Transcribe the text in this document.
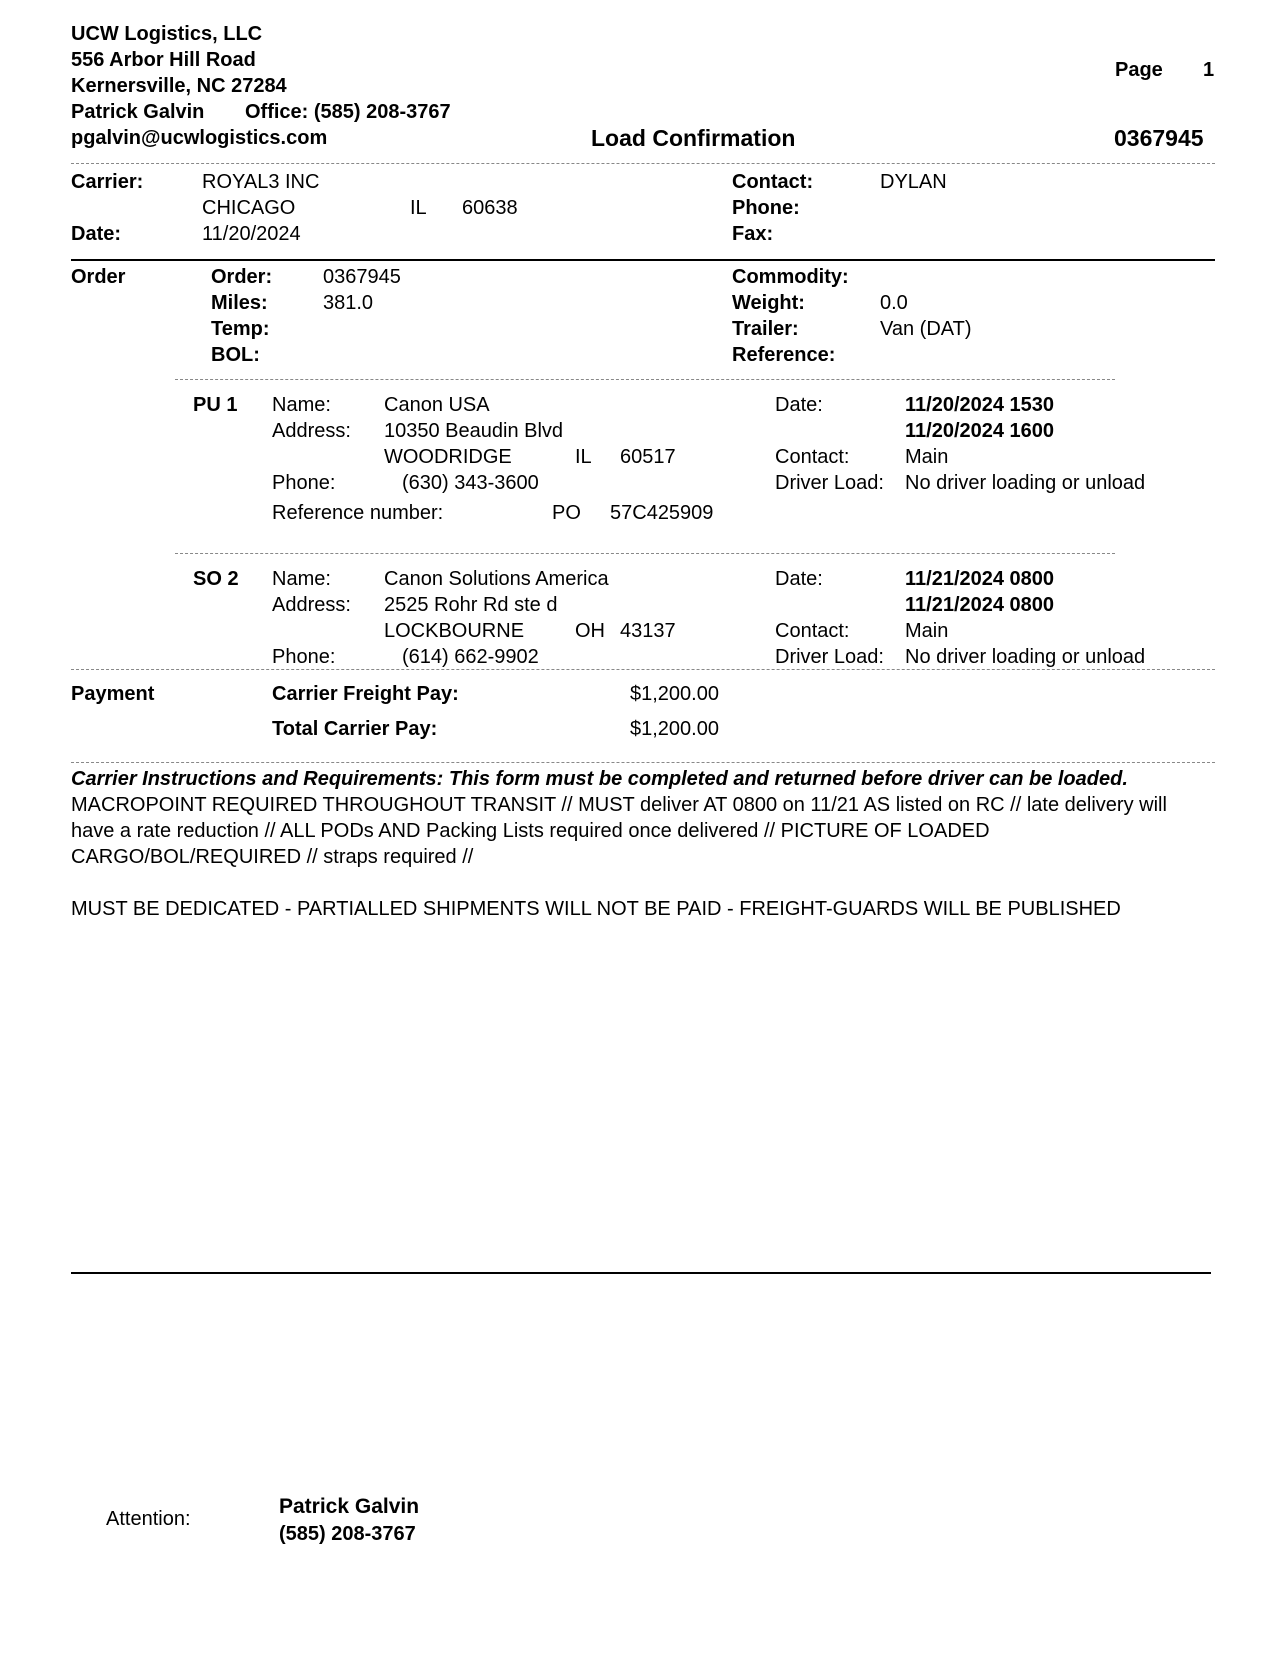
UCW Logistics, LLC
556 Arbor Hill Road
Kernersville, NC 27284
Patrick Galvin Office: (585) 208-3767
pgalvin@ucwlogistics.com
Page 1
Load Confirmation	0367945
Carrier:	ROYAL3 INC
CHICAGO	IL 60638
Date:	11/20/2024
Contact:	DYLAN
Phone:
Fax:
Order	Order:	0367945
Miles:	381.0
Temp:
BOL:
Commodity:
Weight:	0.0
Trailer:	Van (DAT)
Reference:
PU 1 Name:	Canon USA
Address: 10350 Beaudin Blvd
WOODRIDGE	IL 60517
Phone:	(630) 343-3600
Reference number:	PO 57C425909
Date:	11/20/2024 1530
11/20/2024 1600
Contact:	Main
Driver Load: No driver loading or unload
SO 2 Name:	Canon Solutions America
Address: 2525 Rohr Rd ste d
LOCKBOURNE	OH 43137
Phone:	(614) 662-9902
Date:	11/21/2024 0800
11/21/2024 0800
Contact:	Main
Driver Load: No driver loading or unload
Payment	Carrier Freight Pay:	$1,200.00
Total Carrier Pay:	$1,200.00
Carrier Instructions and Requirements: This form must be completed and returned before driver can be loaded.
MACROPOINT REQUIRED THROUGHOUT TRANSIT // MUST deliver AT 0800 on 11/21 AS listed on RC // late delivery will have a rate reduction // ALL PODs AND Packing Lists required once delivered // PICTURE OF LOADED CARGO/BOL/REQUIRED // straps required //
MUST BE DEDICATED - PARTIALLED SHIPMENTS WILL NOT BE PAID - FREIGHT-GUARDS WILL BE PUBLISHED
Attention:
Patrick Galvin
(585) 208-3767
